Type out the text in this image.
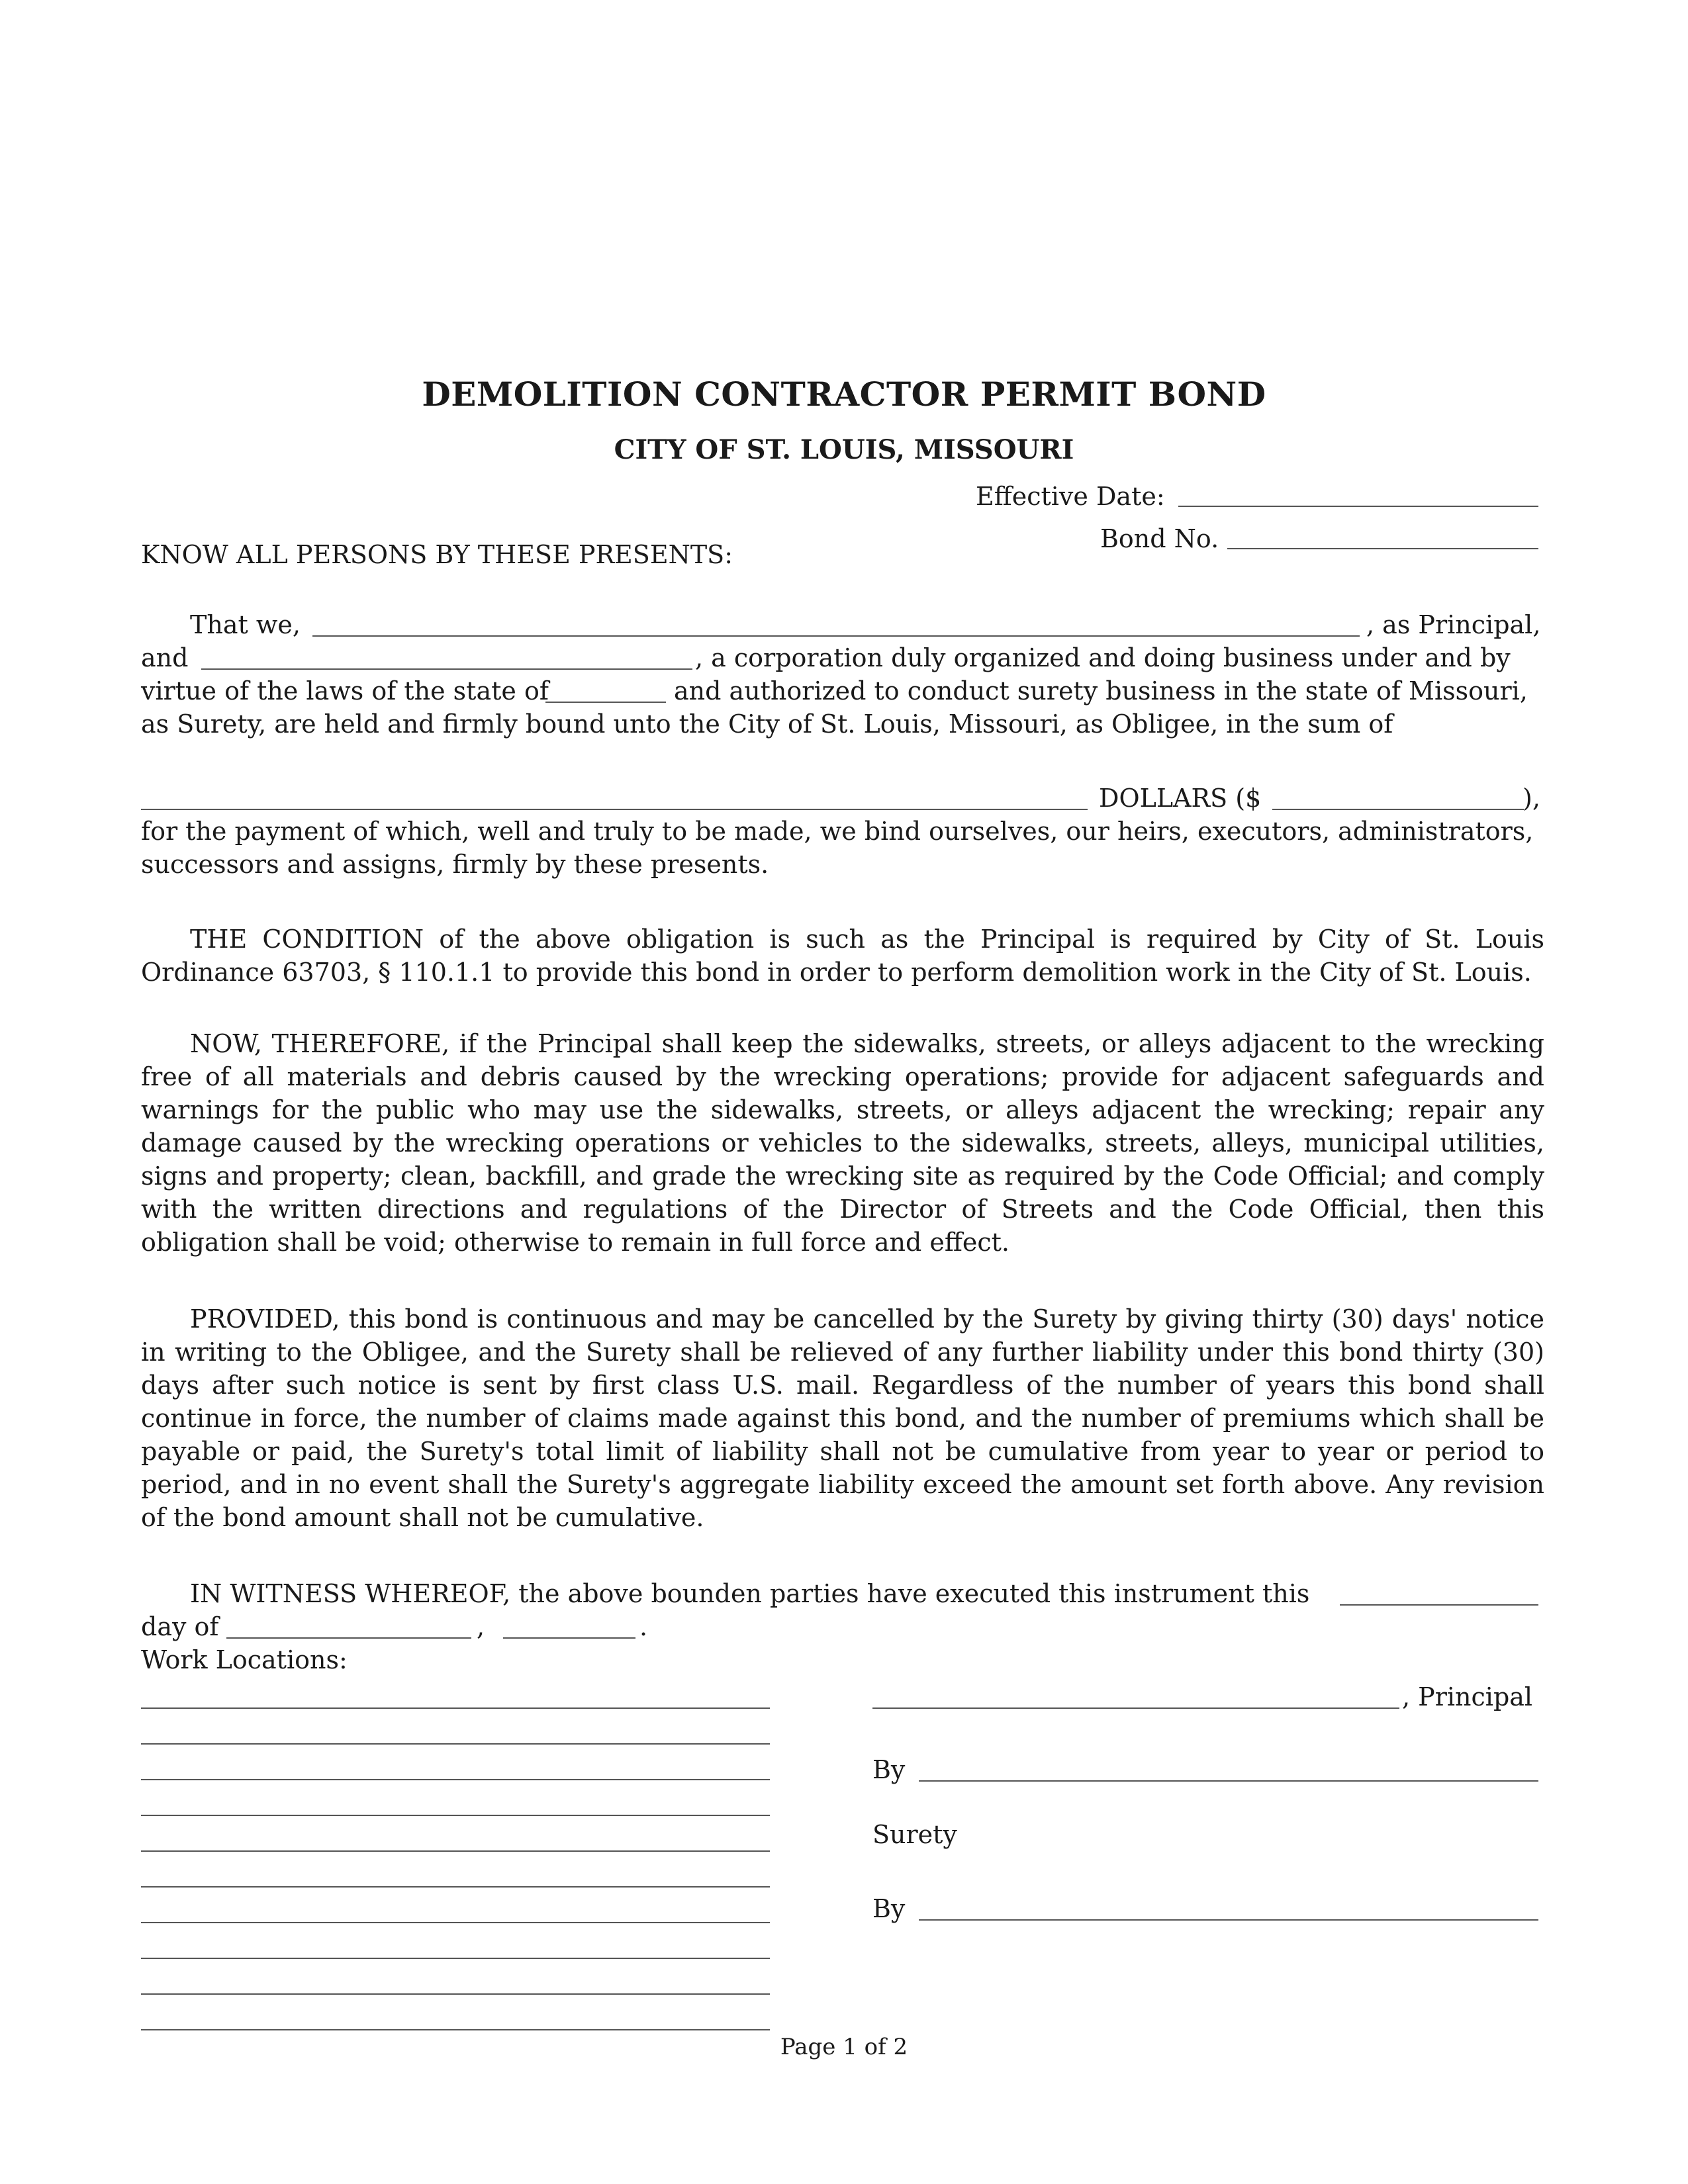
DEMOLITION CONTRACTOR PERMIT BOND
CITY OF ST. LOUIS, MISSOURI
Effective Date:
Bond No.
KNOW ALL PERSONS BY THESE PRESENTS:
That we,	, as Principal,
and	, a corporation duly organized and doing business under and by
virtue of the laws of the state of	and authorized to conduct surety business in the state of Missouri,
as Surety, are held and firmly bound unto the City of St. Louis, Missouri, as Obligee, in the sum of
DOLLARS ($	),
for the payment of which, well and truly to be made, we bind ourselves, our heirs, executors, administrators,
successors and assigns, firmly by these presents.
THE CONDITION of the above obligation is such as the Principal is required by City of St. Louis Ordinance 63703, § 110.1.1 to provide this bond in order to perform demolition work in the City of St. Louis.
NOW, THEREFORE, if the Principal shall keep the sidewalks, streets, or alleys adjacent to the wrecking free of all materials and debris caused by the wrecking operations; provide for adjacent safeguards and warnings for the public who may use the sidewalks, streets, or alleys adjacent the wrecking; repair any damage caused by the wrecking operations or vehicles to the sidewalks, streets, alleys, municipal utilities, signs and property; clean, backfill, and grade the wrecking site as required by the Code Official; and comply with the written directions and regulations of the Director of Streets and the Code Official, then this obligation shall be void; otherwise to remain in full force and effect.
PROVIDED, this bond is continuous and may be cancelled by the Surety by giving thirty (30) days' notice in writing to the Obligee, and the Surety shall be relieved of any further liability under this bond thirty (30) days after such notice is sent by first class U.S. mail. Regardless of the number of years this bond shall continue in force, the number of claims made against this bond, and the number of premiums which shall be payable or paid, the Surety's total limit of liability shall not be cumulative from year to year or period to period, and in no event shall the Surety's aggregate liability exceed the amount set forth above. Any revision of the bond amount shall not be cumulative.
IN WITNESS WHEREOF, the above bounden parties have executed this instrument this
day of	,	.
Work Locations:
, Principal
By
Surety
By
Page 1 of 2
